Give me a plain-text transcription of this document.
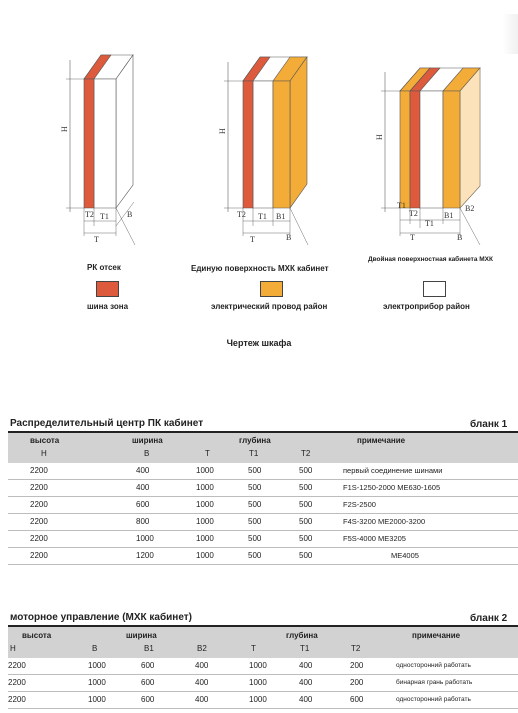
H
T2 T1 B
T
H
T2 T1 B1
T	B
H
T1
T2
T1
B1
B2
T	B
РК отсек	Единую поверхность МХК кабинет
Двойная поверхностная кабинета МХК
шина зона	электрический провод район	электроприбор район
Чертеж шкафа
Распределительный центр ПК кабинет	бланк 1
высота	ширина	глубина	примечание
H	B	T	T1	T2
2200	400	1000	500	500	первый соединение шинами
2200	400	1000	500	500	F1S-1250-2000 ME630-1605
2200	600	1000	500	500	F2S-2500
2200	800	1000	500	500	F4S-3200 ME2000-3200
2200	1000	1000	500	500	F5S-4000 ME3205
2200	1200	1000	500	500	ME4005
моторное управление (МХК кабинет)	бланк 2
высота	ширина	глубина	примечание
H	B	B1	B2	T	T1	T2
2200	1000	600	400	1000	400	200	односторонний работать
2200	1000	600	400	1000	400	200	бинарная грань работать
2200	1000	600	400	1000	400	600	односторонний работать
